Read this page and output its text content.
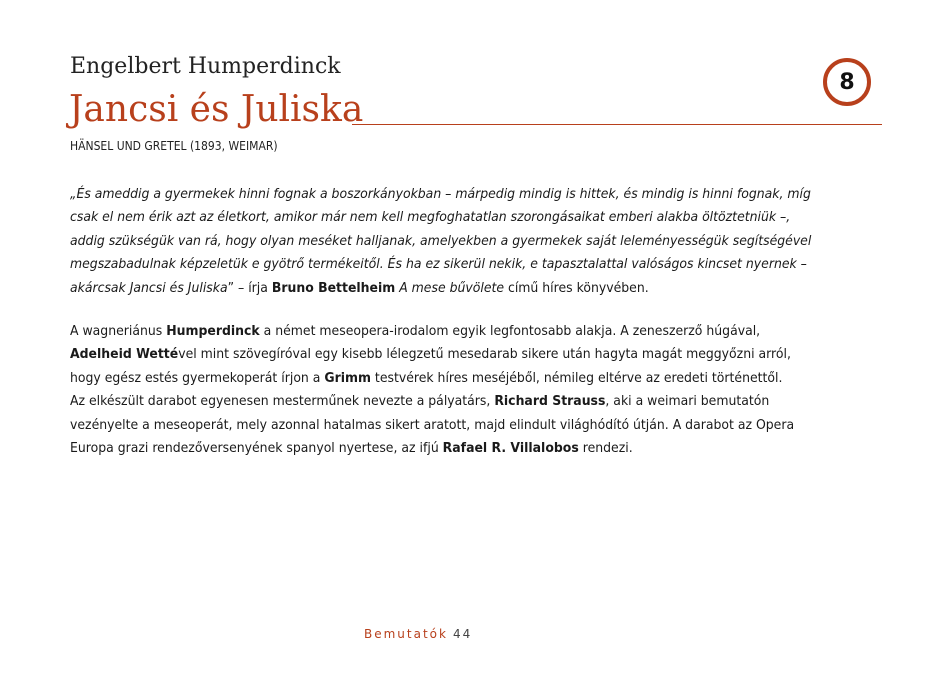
Engelbert Humperdinck
8
Jancsi és Juliska
HÄNSEL UND GRETEL (1893, WEIMAR)
„És ameddig a gyermekek hinni fognak a boszorkányokban – márpedig mindig is hittek, és mindig is hinni fognak, míg
csak el nem érik azt az életkort, amikor már nem kell megfoghatatlan szorongásaikat emberi alakba öltöztetniük –,
addig szükségük van rá, hogy olyan meséket halljanak, amelyekben a gyermekek saját leleményességük segítségével
megszabadulnak képzeletük e gyötrő termékeitől. És ha ez sikerül nekik, e tapasztalattal valóságos kincset nyernek –
akárcsak Jancsi és Juliska” – írja Bruno Bettelheim A mese bűvölete című híres könyvében.
A wagneriánus Humperdinck a német meseopera-irodalom egyik legfontosabb alakja. A zeneszerző húgával,
Adelheid Wettével mint szövegíróval egy kisebb lélegzetű mesedarab sikere után hagyta magát meggyőzni arról,
hogy egész estés gyermekoperát írjon a Grimm testvérek híres meséjéből, némileg eltérve az eredeti történettől.
Az elkészült darabot egyenesen mesterműnek nevezte a pályatárs, Richard Strauss, aki a weimari bemutatón
vezényelte a meseoperát, mely azonnal hatalmas sikert aratott, majd elindult világhódító útján. A darabot az Opera
Europa grazi rendezőversenyének spanyol nyertese, az ifjú Rafael R. Villalobos rendezi.
Bemutatók 44
